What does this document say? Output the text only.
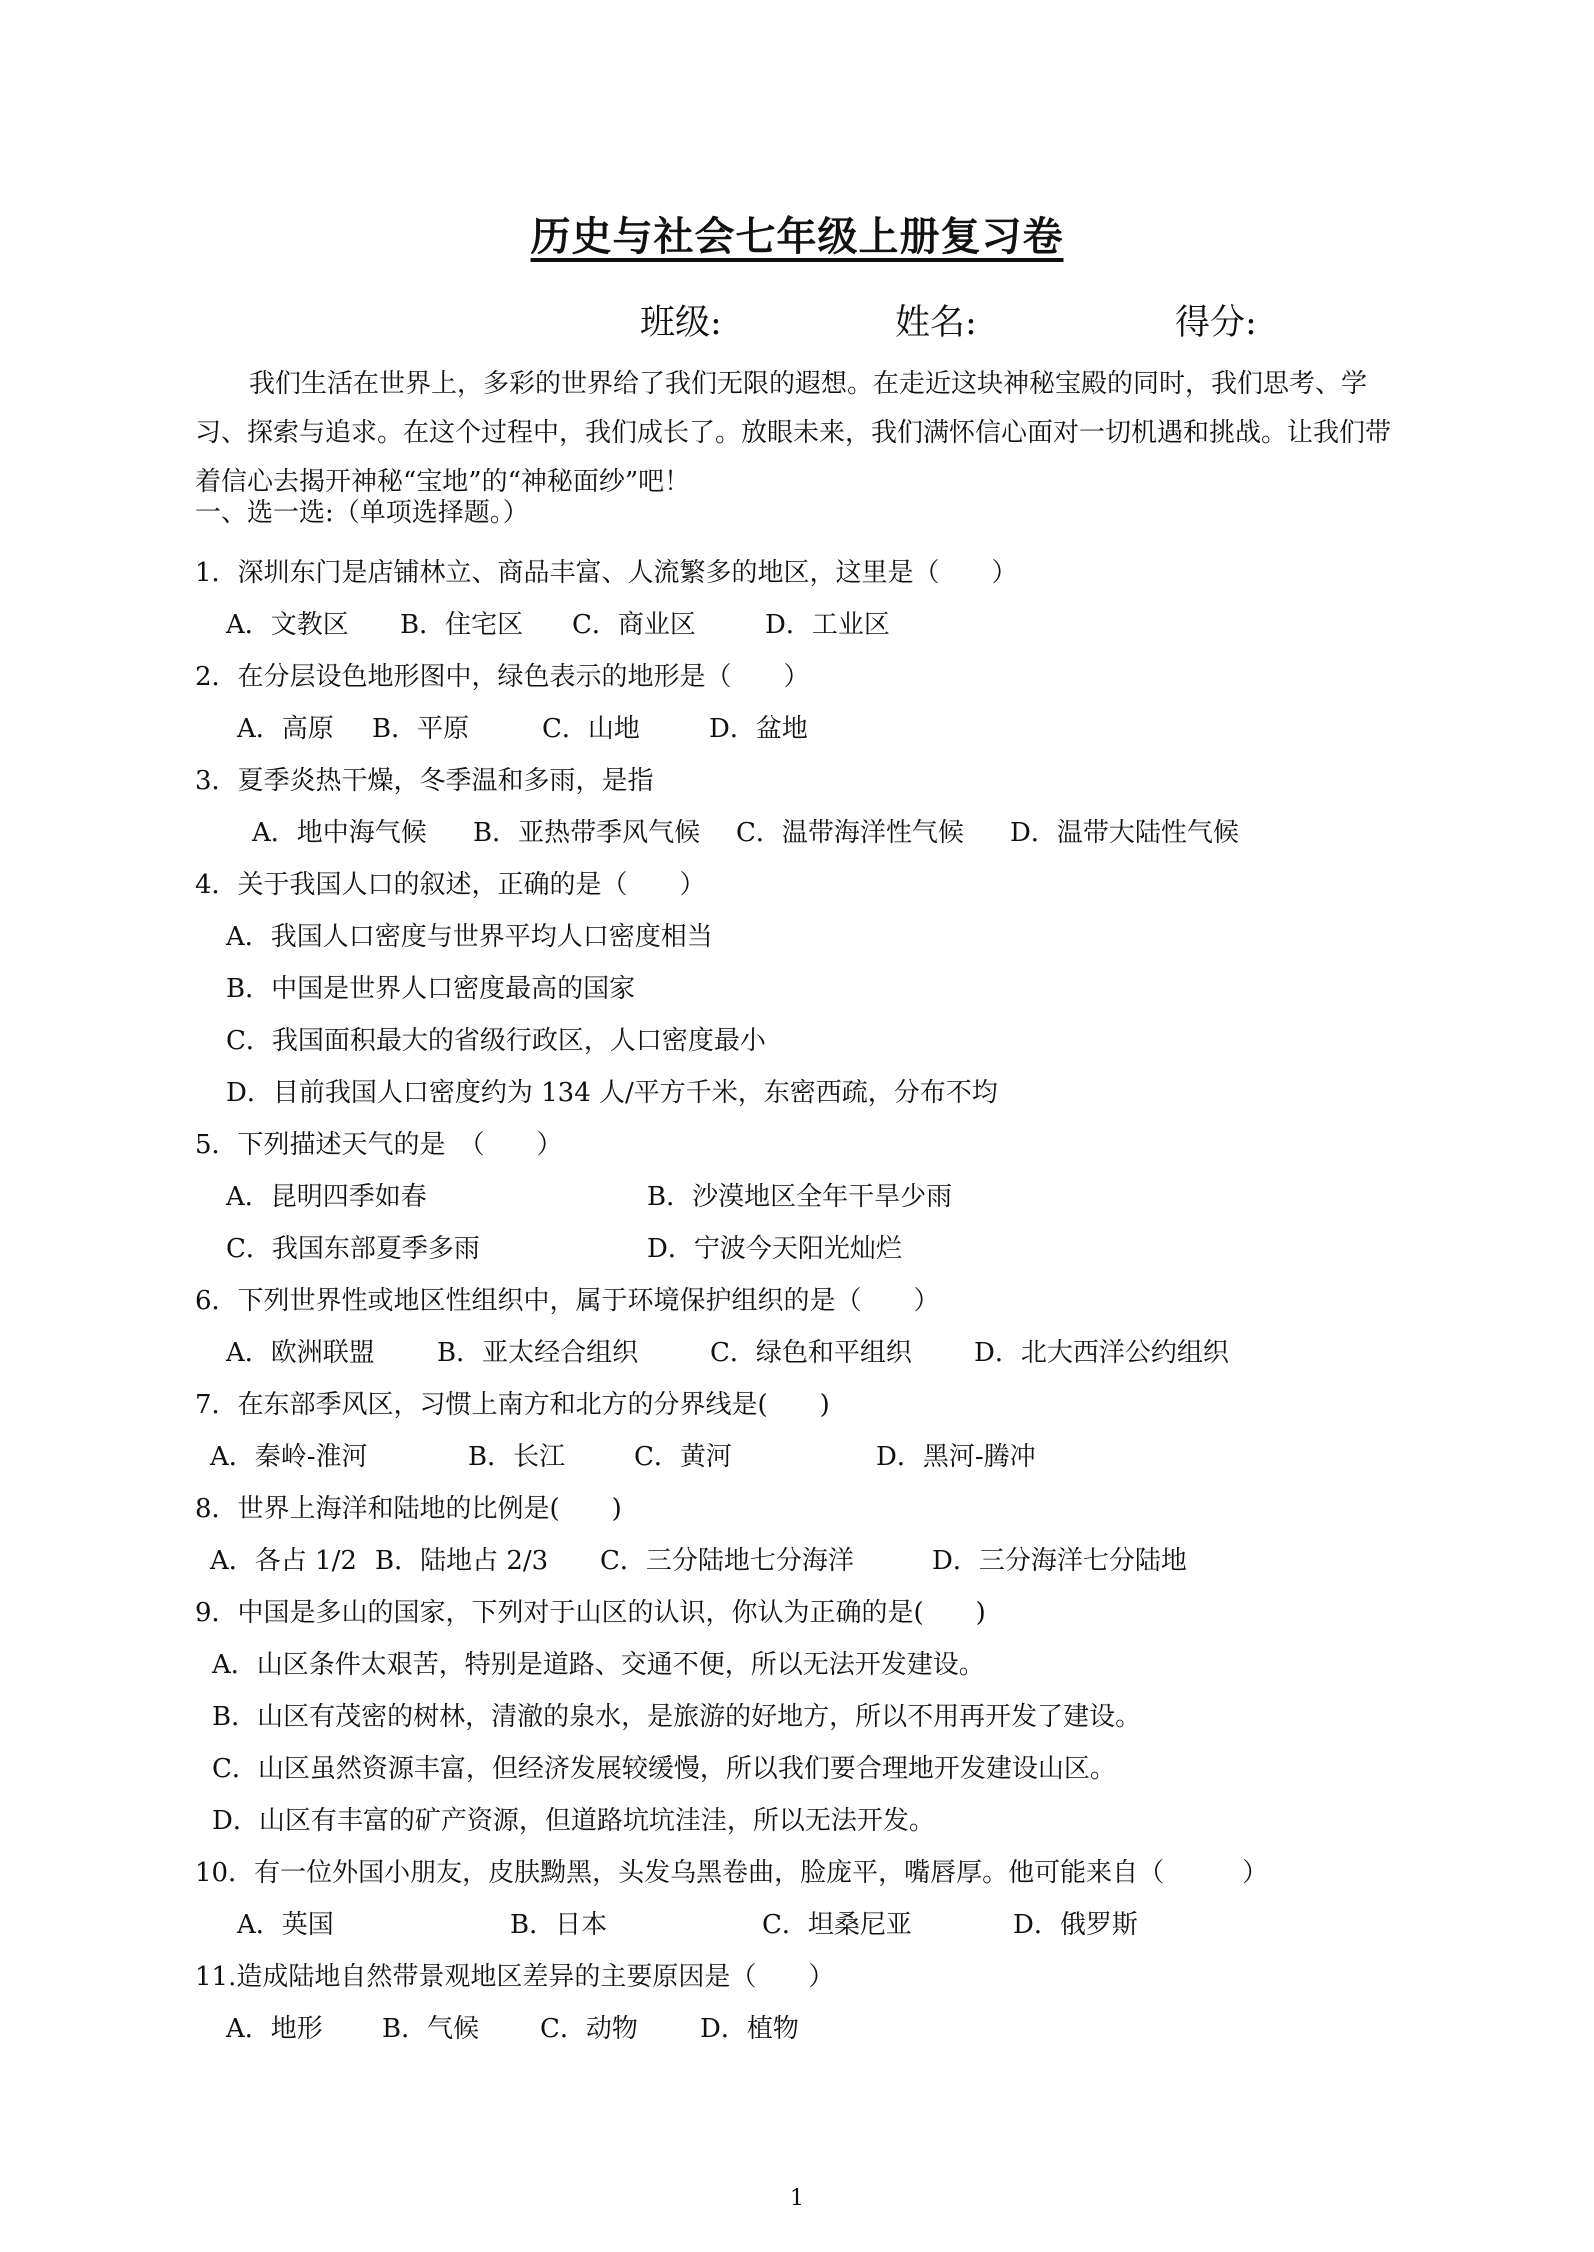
历史与社会七年级上册复习卷
班级:	姓名:	得分:
我们生活在世界上，多彩的世界给了我们无限的遐想。在走近这块神秘宝殿的同时，我们思考、学习、探索与追求。在这个过程中，我们成长了。放眼未来，我们满怀信心面对一切机遇和挑战。让我们带着信心去揭开神秘“宝地”的“神秘面纱”吧！
一、选一选:（单项选择题。）
1．深圳东门是店铺林立、商品丰富、人流繁多的地区，这里是（　　）
A．文教区 B．住宅区 C．商业区	D．工业区
2．在分层设色地形图中，绿色表示的地形是（　　）
A．高原 B．平原	C．山地	D．盆地
3．夏季炎热干燥，冬季温和多雨，是指
A．地中海气候 B．亚热带季风气候 C．温带海洋性气候 D．温带大陆性气候
4．关于我国人口的叙述，正确的是（　　）
A．我国人口密度与世界平均人口密度相当
B．中国是世界人口密度最高的国家
C．我国面积最大的省级行政区，人口密度最小
D．目前我国人口密度约为 134 人/平方千米，东密西疏，分布不均
5．下列描述天气的是　（　　）
A．昆明四季如春	B．沙漠地区全年干旱少雨
C．我国东部夏季多雨	D．宁波今天阳光灿烂
6．下列世界性或地区性组织中，属于环境保护组织的是（　　）
A．欧洲联盟 B．亚太经合组织	C．绿色和平组织 D．北大西洋公约组织
7．在东部季风区，习惯上南方和北方的分界线是(　　)
A．秦岭-淮河	B．长江	C．黄河	D．黑河-腾冲
8．世界上海洋和陆地的比例是(　　)
A．各占 1/2 B．陆地占 2/3 C．三分陆地七分海洋	D．三分海洋七分陆地
9．中国是多山的国家，下列对于山区的认识，你认为正确的是(　　)
A．山区条件太艰苦，特别是道路、交通不便，所以无法开发建设。
B．山区有茂密的树林，清澈的泉水，是旅游的好地方，所以不用再开发了建设。
C．山区虽然资源丰富，但经济发展较缓慢，所以我们要合理地开发建设山区。
D．山区有丰富的矿产资源，但道路坑坑洼洼，所以无法开发。
10．有一位外国小朋友，皮肤黝黑，头发乌黑卷曲，脸庞平，嘴唇厚。他可能来自（　　　）
A．英国	B．日本	C．坦桑尼亚	D．俄罗斯
11.造成陆地自然带景观地区差异的主要原因是（　　）
A．地形 B．气候 C．动物 D．植物
1
